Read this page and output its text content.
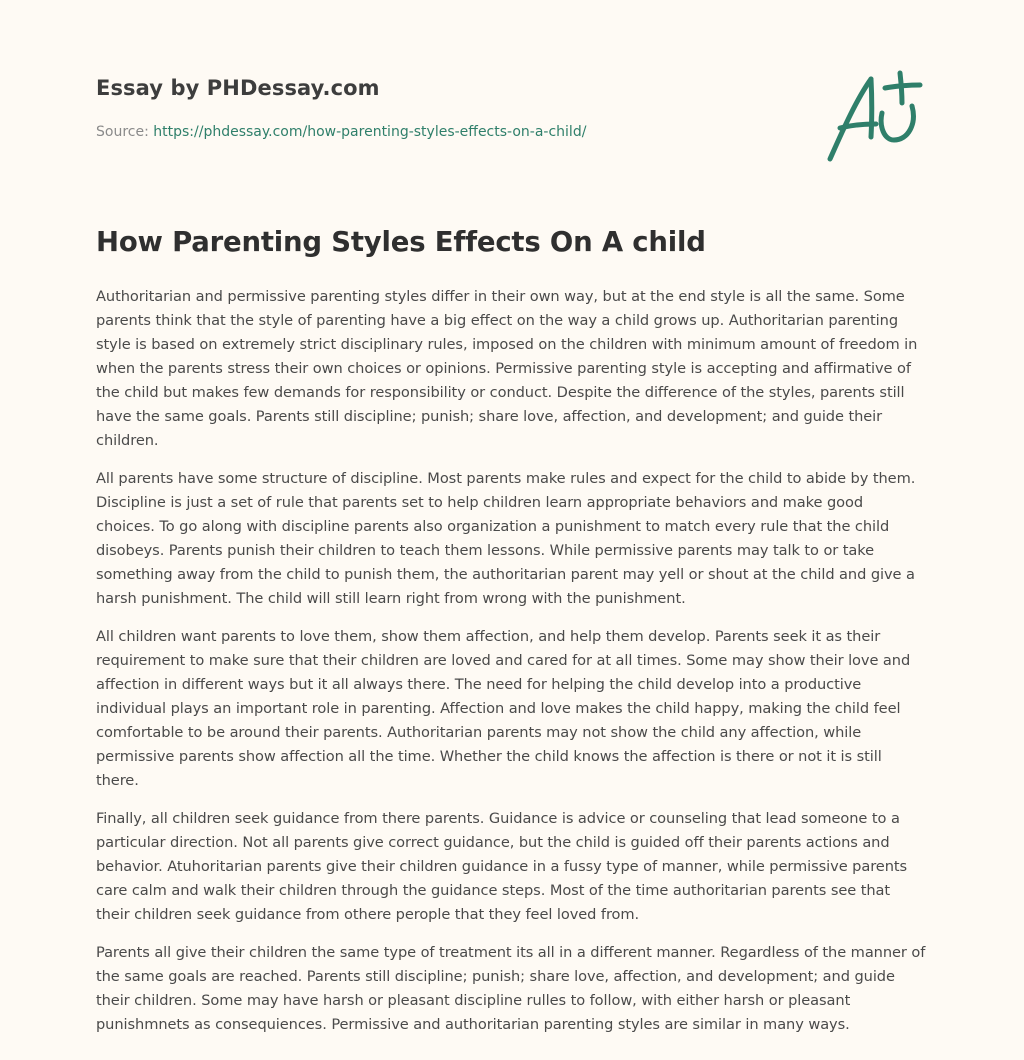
Essay by PHDessay.com
Source: https://phdessay.com/how-parenting-styles-effects-on-a-child/
How Parenting Styles Effects On A child

Authoritarian and permissive parenting styles differ in their own way, but at the end style is all the same. Some parents think that the style of parenting have a big effect on the way a child grows up. Authoritarian parenting style is based on extremely strict disciplinary rules, imposed on the children with minimum amount of freedom in when the parents stress their own choices or opinions. Permissive parenting style is accepting and affirmative of the child but makes few demands for responsibility or conduct. Despite the difference of the styles, parents still have the same goals. Parents still discipline; punish; share love, affection, and development; and guide their children.

All parents have some structure of discipline. Most parents make rules and expect for the child to abide by them. Discipline is just a set of rule that parents set to help children learn appropriate behaviors and make good choices. To go along with discipline parents also organization a punishment to match every rule that the child disobeys. Parents punish their children to teach them lessons. While permissive parents may talk to or take something away from the child to punish them, the authoritarian parent may yell or shout at the child and give a harsh punishment. The child will still learn right from wrong with the punishment.

All children want parents to love them, show them affection, and help them develop. Parents seek it as their requirement to make sure that their children are loved and cared for at all times. Some may show their love and affection in different ways but it all always there. The need for helping the child develop into a productive individual plays an important role in parenting. Affection and love makes the child happy, making the child feel comfortable to be around their parents. Authoritarian parents may not show the child any affection, while permissive parents show affection all the time. Whether the child knows the affection is there or not it is still there.

Finally, all children seek guidance from there parents. Guidance is advice or counseling that lead someone to a particular direction. Not all parents give correct guidance, but the child is guided off their parents actions and behavior. Atuhoritarian parents give their children guidance in a fussy type of manner, while permissive parents care calm and walk their children through the guidance steps. Most of the time authoritarian parents see that their children seek guidance from othere perople that they feel loved from.

Parents all give their children the same type of treatment its all in a different manner. Regardless of the manner of the same goals are reached. Parents still discipline; punish; share love, affection, and development; and guide their children. Some may have harsh or pleasant discipline rulles to follow, with either harsh or pleasant punishmnets as consequiences. Permissive and authoritarian parenting styles are similar in many ways.
